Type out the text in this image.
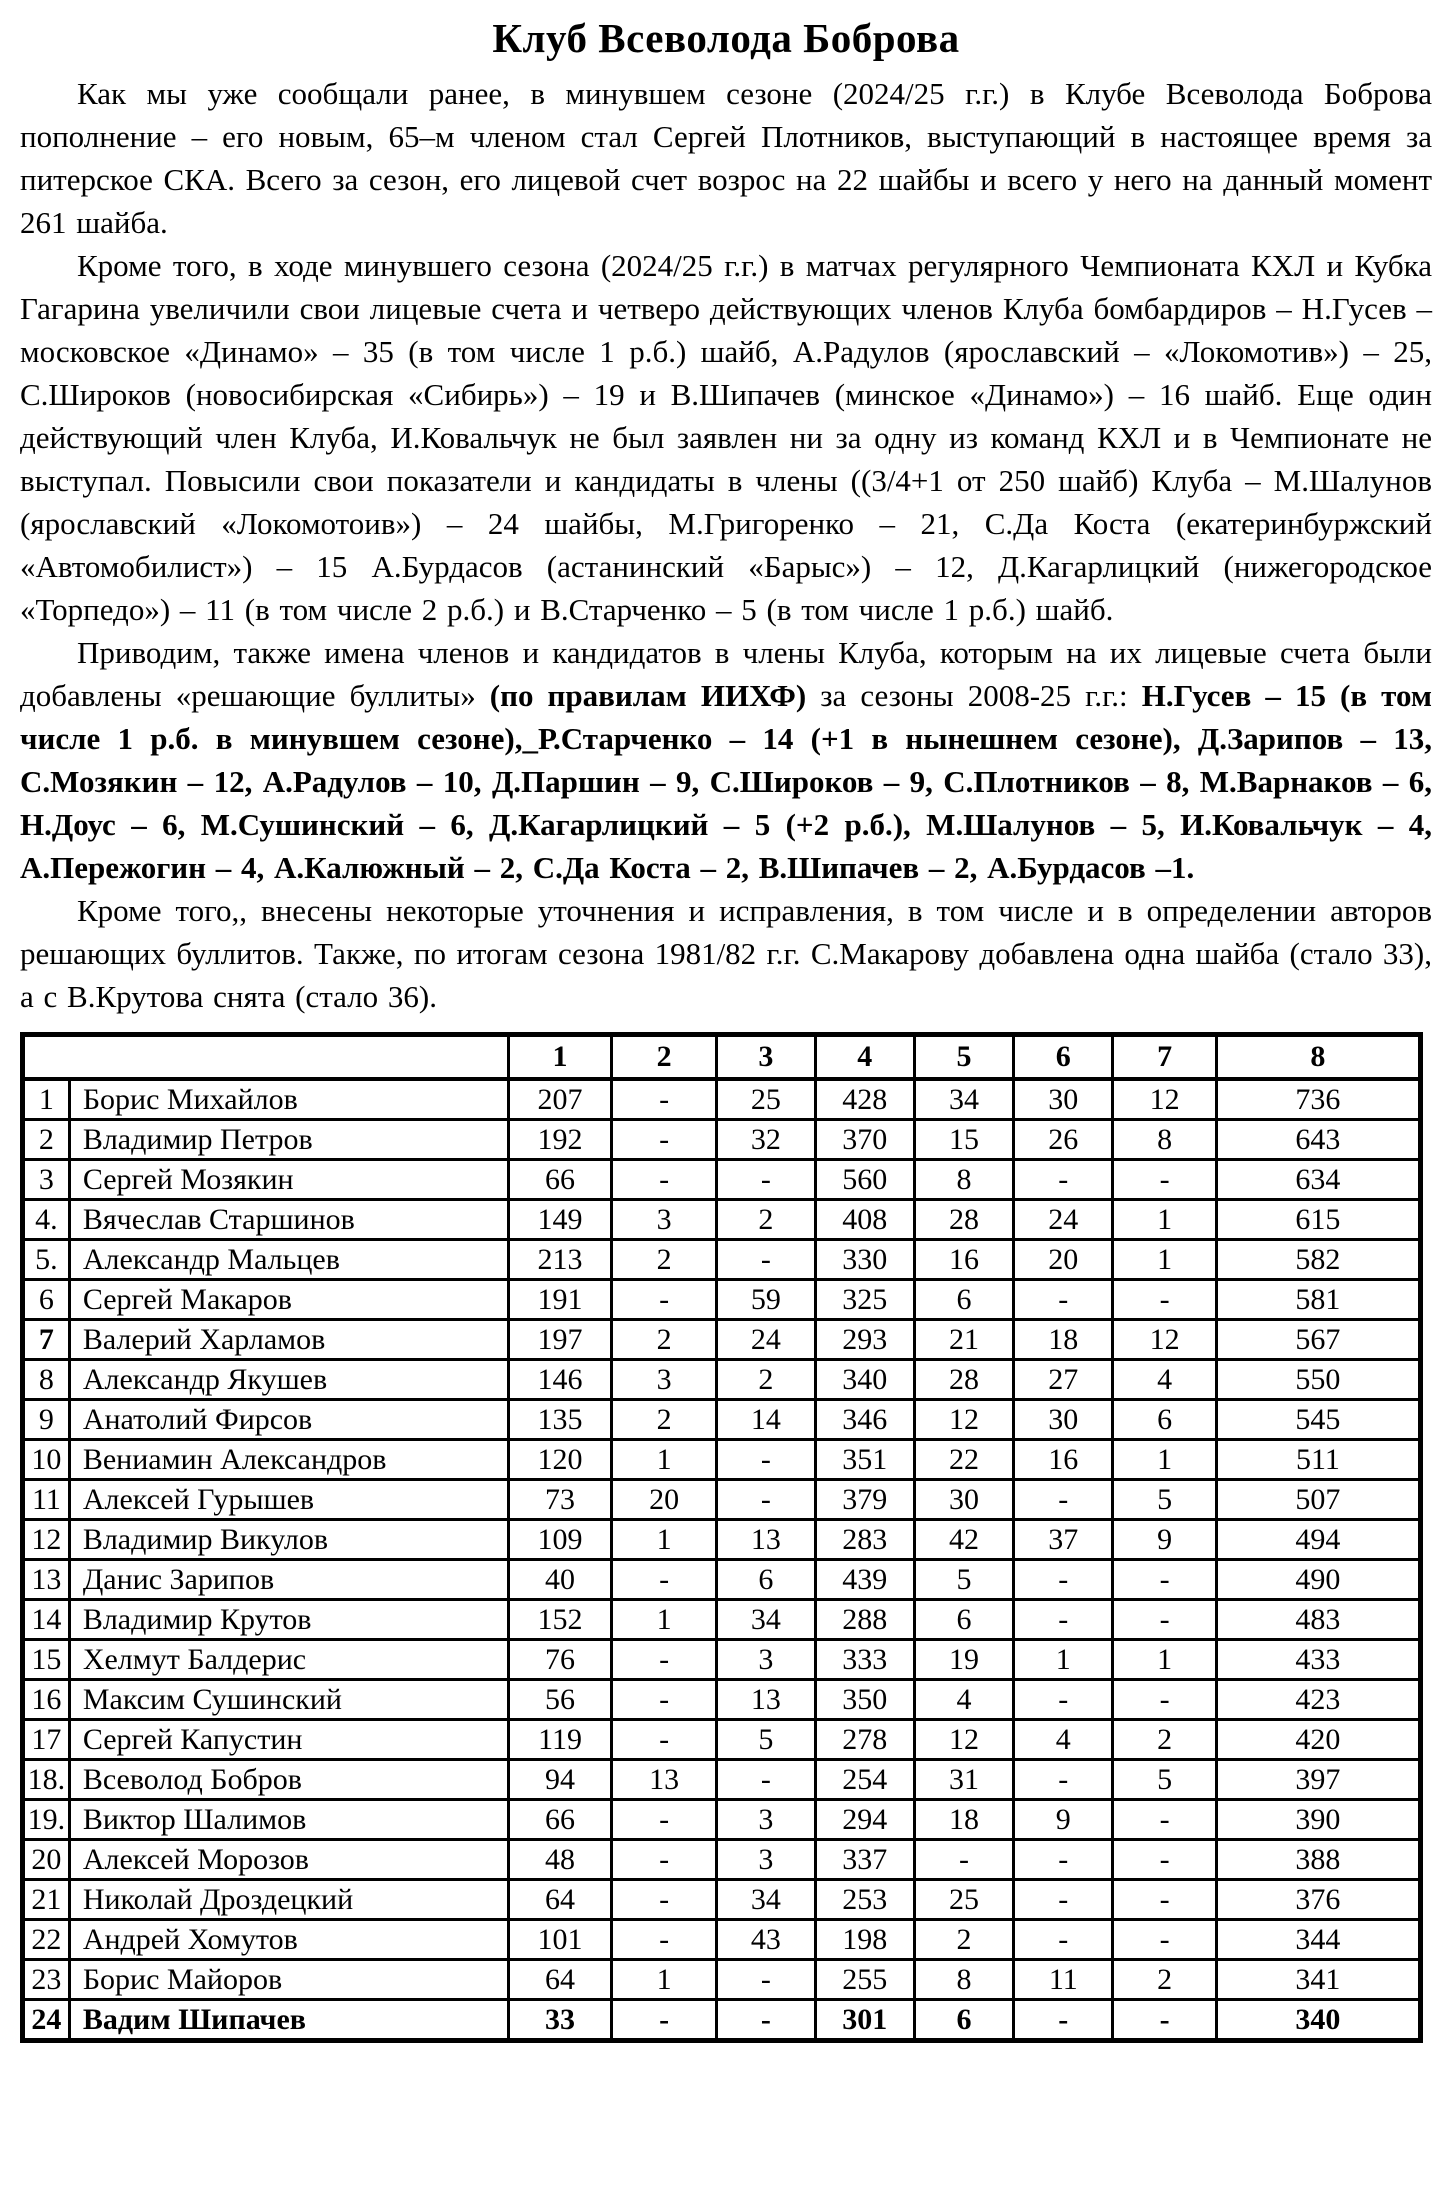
Клуб Всеволода Боброва

Как мы уже сообщали ранее, в минувшем сезоне (2024/25 г.г.) в Клубе Всеволода Боброва пополнение – его новым, 65–м членом стал Сергей Плотников, выступающий в настоящее время за питерское СКА. Всего за сезон, его лицевой счет возрос на 22 шайбы и всего у него на данный момент 261 шайба.

Кроме того, в ходе минувшего сезона (2024/25 г.г.) в матчах регулярного Чемпионата КХЛ и Кубка Гагарина увеличили свои лицевые счета и четверо действующих членов Клуба бомбардиров – Н.Гусев – московское «Динамо» – 35 (в том числе 1 р.б.) шайб, А.Радулов (ярославский – «Локомотив») – 25, С.Широков (новосибирская «Сибирь») – 19 и В.Шипачев (минское «Динамо») – 16 шайб. Еще один действующий член Клуба, И.Ковальчук не был заявлен ни за одну из команд КХЛ и в Чемпионате не выступал. Повысили свои показатели и кандидаты в члены ((3/4+1 от 250 шайб) Клуба – М.Шалунов (ярославский «Локомотоив») – 24 шайбы, М.Григоренко – 21, С.Да Коста (екатеринбуржский «Автомобилист») – 15 А.Бурдасов (астанинский «Барыс») – 12, Д.Кагарлицкий (нижегородское «Торпедо») – 11 (в том числе 2 р.б.) и В.Старченко – 5 (в том числе 1 р.б.) шайб.

Приводим, также имена членов и кандидатов в члены Клуба, которым на их лицевые счета были добавлены «решающие буллиты» (по правилам ИИХФ) за сезоны 2008-25 г.г.: Н.Гусев – 15 (в том числе 1 р.б. в минувшем сезоне),_Р.Старченко – 14 (+1 в нынешнем сезоне), Д.Зарипов – 13, С.Мозякин – 12, А.Радулов – 10, Д.Паршин – 9, С.Широков – 9, С.Плотников – 8, М.Варнаков – 6, Н.Доус – 6, М.Сушинский – 6, Д.Кагарлицкий – 5 (+2 р.б.), М.Шалунов – 5, И.Ковальчук – 4, А.Пережогин – 4, А.Калюжный – 2, С.Да Коста – 2, В.Шипачев – 2, А.Бурдасов –1.

Кроме того,, внесены некоторые уточнения и исправления, в том числе и в определении авторов решающих буллитов. Также, по итогам сезона 1981/82 г.г. С.Макарову добавлена одна шайба (стало 33), а с В.Крутова снята (стало 36).

		1	2	3	4	5	6	7	8
1	Борис Михайлов	207	-	25	428	34	30	12	736
2	Владимир Петров	192	-	32	370	15	26	8	643
3	Сергей Мозякин	66	-	-	560	8	-	-	634
4.	Вячеслав Старшинов	149	3	2	408	28	24	1	615
5.	Александр Мальцев	213	2	-	330	16	20	1	582
6	Сергей Макаров	191	-	59	325	6	-	-	581
7	Валерий Харламов	197	2	24	293	21	18	12	567
8	Александр Якушев	146	3	2	340	28	27	4	550
9	Анатолий Фирсов	135	2	14	346	12	30	6	545
10	Вениамин Александров	120	1	-	351	22	16	1	511
11	Алексей Гурышев	73	20	-	379	30	-	5	507
12	Владимир Викулов	109	1	13	283	42	37	9	494
13	Данис Зарипов	40	-	6	439	5	-	-	490
14	Владимир Крутов	152	1	34	288	6	-	-	483
15	Хелмут Балдерис	76	-	3	333	19	1	1	433
16	Максим Сушинский	56	-	13	350	4	-	-	423
17	Сергей Капустин	119	-	5	278	12	4	2	420
18.	Всеволод Бобров	94	13	-	254	31	-	5	397
19.	Виктор Шалимов	66	-	3	294	18	9	-	390
20	Алексей Морозов	48	-	3	337	-	-	-	388
21	Николай Дроздецкий	64	-	34	253	25	-	-	376
22	Андрей Хомутов	101	-	43	198	2	-	-	344
23	Борис Майоров	64	1	-	255	8	11	2	341
24	Вадим Шипачев	33	-	-	301	6	-	-	340
